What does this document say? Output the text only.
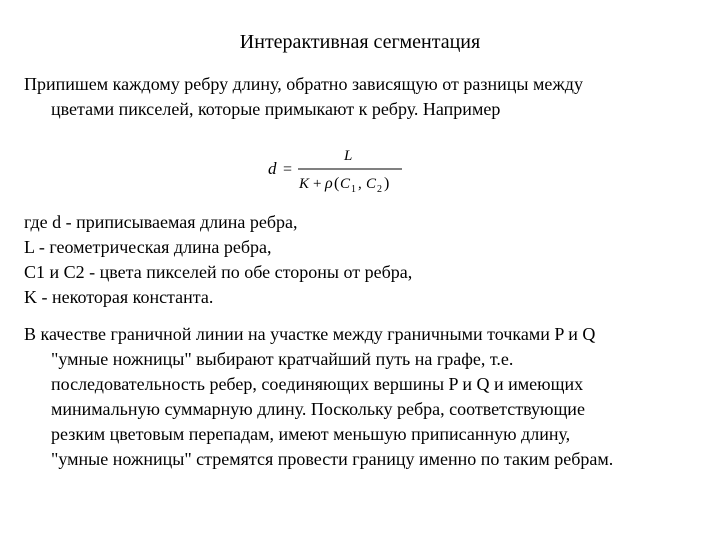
Интерактивная сегментация
Припишем каждому ребру длину, обратно зависящую от разницы между
цветами пикселей, которые примыкают к ребру. Например
d =
L
K + ρ ( C 1 , C 2 )
где d - приписываемая длина ребра,
L - геометрическая длина ребра,
C1 и C2 - цвета пикселей по обе стороны от ребра,
K - некоторая константа.
В качестве граничной линии на участке между граничными точками P и Q
"умные ножницы" выбирают кратчайший путь на графе, т.е.
последовательность ребер, соединяющих вершины P и Q и имеющих
минимальную суммарную длину. Поскольку ребра, соответствующие
резким цветовым перепадам, имеют меньшую приписанную длину,
"умные ножницы" стремятся провести границу именно по таким ребрам.
